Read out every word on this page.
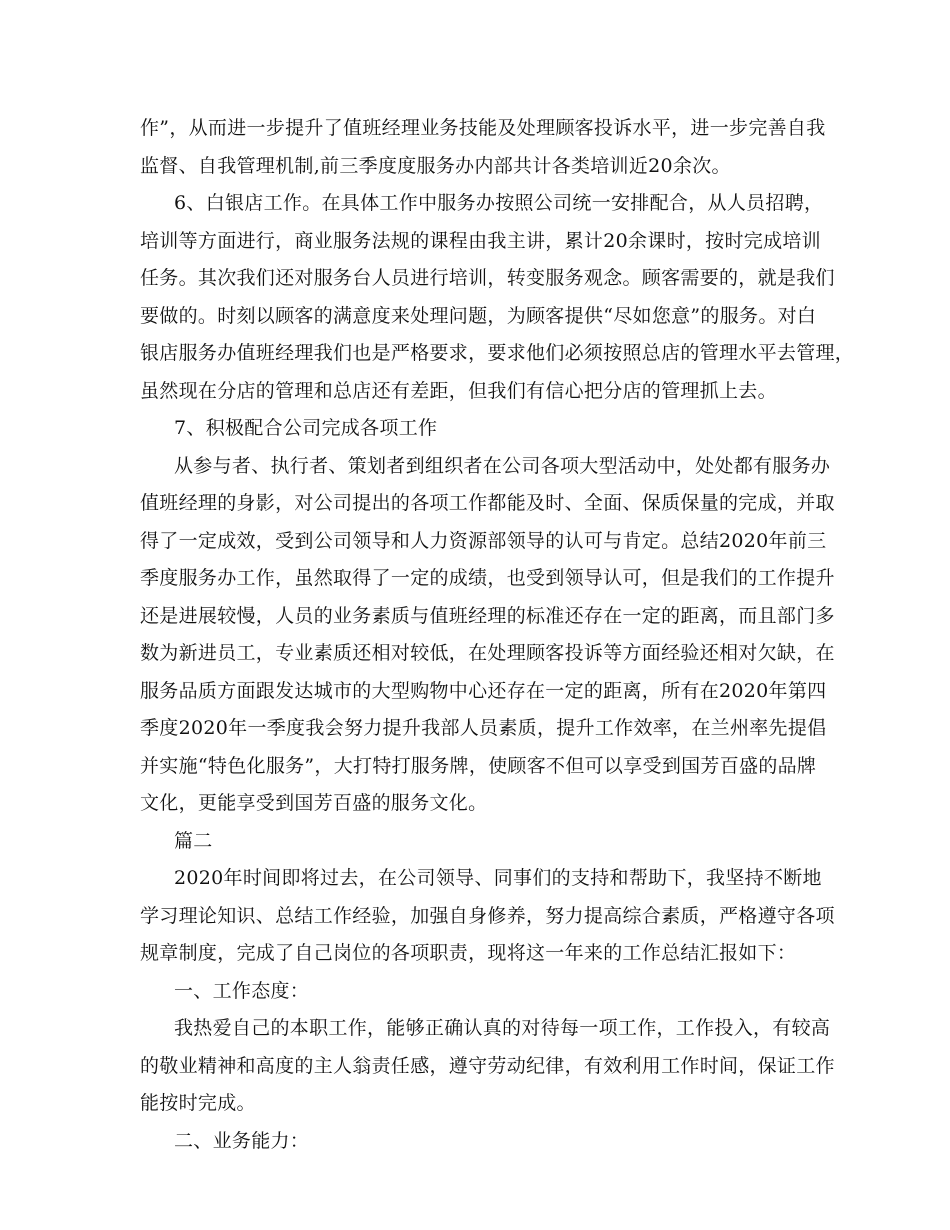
作”，从而进一步提升了值班经理业务技能及处理顾客投诉水平，进一步完善自我

监督、自我管理机制,前三季度度服务办内部共计各类培训近20余次。

6、白银店工作。在具体工作中服务办按照公司统一安排配合，从人员招聘，

培训等方面进行，商业服务法规的课程由我主讲，累计20余课时，按时完成培训

任务。其次我们还对服务台人员进行培训，转变服务观念。顾客需要的，就是我们

要做的。时刻以顾客的满意度来处理问题，为顾客提供“尽如您意”的服务。对白

银店服务办值班经理我们也是严格要求，要求他们必须按照总店的管理水平去管理，

虽然现在分店的管理和总店还有差距，但我们有信心把分店的管理抓上去。

7、积极配合公司完成各项工作

从参与者、执行者、策划者到组织者在公司各项大型活动中，处处都有服务办

值班经理的身影，对公司提出的各项工作都能及时、全面、保质保量的完成，并取

得了一定成效，受到公司领导和人力资源部领导的认可与肯定。总结2020年前三

季度服务办工作，虽然取得了一定的成绩，也受到领导认可，但是我们的工作提升

还是进展较慢，人员的业务素质与值班经理的标准还存在一定的距离，而且部门多

数为新进员工，专业素质还相对较低，在处理顾客投诉等方面经验还相对欠缺，在

服务品质方面跟发达城市的大型购物中心还存在一定的距离，所有在2020年第四

季度2020年一季度我会努力提升我部人员素质，提升工作效率，在兰州率先提倡

并实施“特色化服务”，大打特打服务牌，使顾客不但可以享受到国芳百盛的品牌

文化，更能享受到国芳百盛的服务文化。

篇二

2020年时间即将过去，在公司领导、同事们的支持和帮助下，我坚持不断地

学习理论知识、总结工作经验，加强自身修养，努力提高综合素质，严格遵守各项

规章制度，完成了自己岗位的各项职责，现将这一年来的工作总结汇报如下：

一、工作态度：

我热爱自己的本职工作，能够正确认真的对待每一项工作，工作投入，有较高

的敬业精神和高度的主人翁责任感，遵守劳动纪律，有效利用工作时间，保证工作

能按时完成。

二、业务能力：
